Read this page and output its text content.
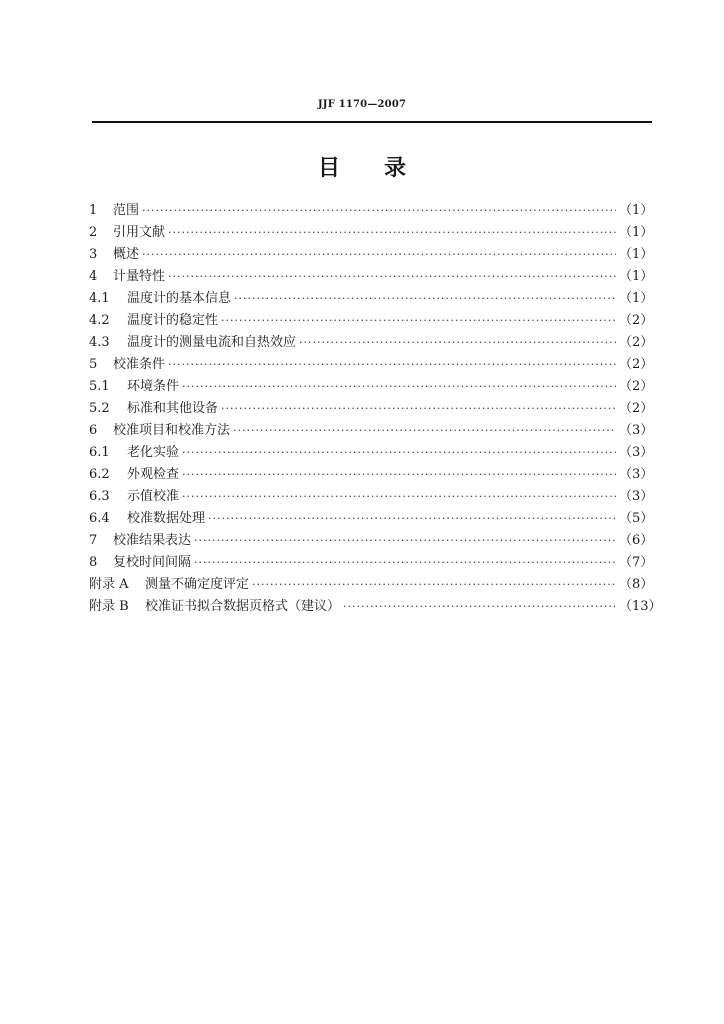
JJF 1170—2007
目 录
1	范围 ·····	（1）
2	引用文献 ·····	（1）
3	概述 ·····	（1）
4	计量特性 ·····	（1）
4.1	温度计的基本信息 ·····	（1）
4.2	温度计的稳定性 ·····	（2）
4.3	温度计的测量电流和自热效应 ·····	（2）
5	校准条件 ·····	（2）
5.1	环境条件 ·····	（2）
5.2	标准和其他设备 ·····	（2）
6	校准项目和校准方法 ·····	（3）
6.1	老化实验 ·····	（3）
6.2	外观检查 ·····	（3）
6.3	示值校准 ·····	（3）
6.4	校准数据处理 ·····	（5）
7	校准结果表达 ·····	（6）
8	复校时间间隔 ·····	（7）
附录 A	测量不确定度评定 ·····	（8）
附录 B	校准证书拟合数据页格式（建议） ·····	（13）
